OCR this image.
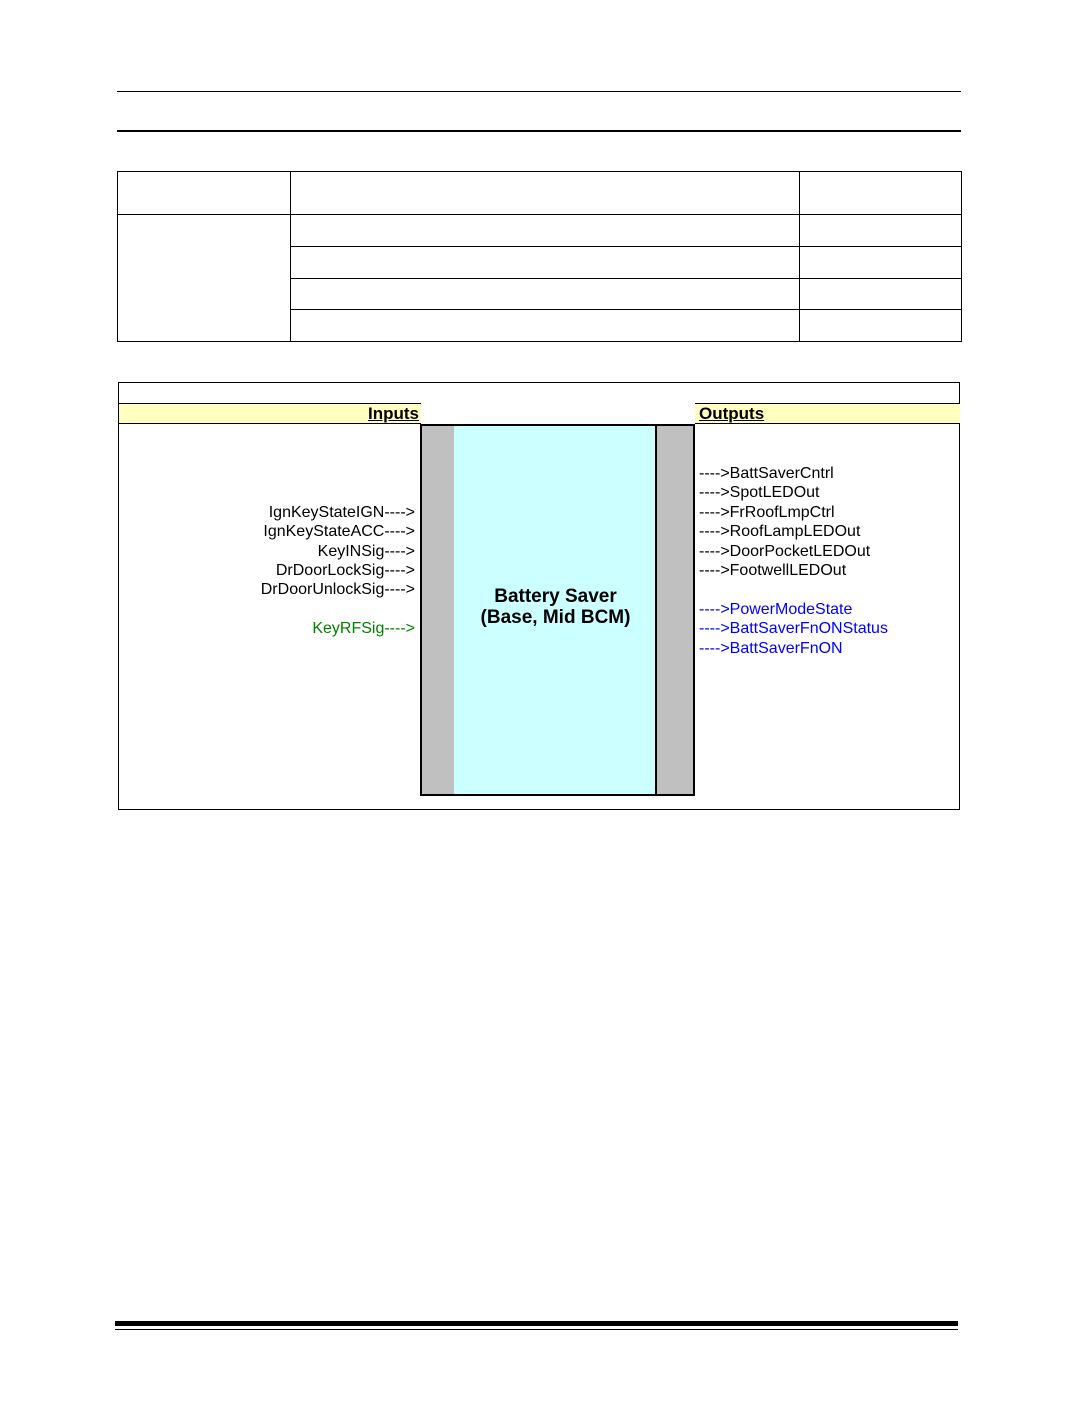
Inputs	Outputs
Battery Saver
(Base, Mid BCM)
IgnKeyStateIGN---->
IgnKeyStateACC---->
KeyINSig---->
DrDoorLockSig---->
DrDoorUnlockSig---->
KeyRFSig---->
---->BattSaverCntrl
---->SpotLEDOut
---->FrRoofLmpCtrl
---->RoofLampLEDOut
---->DoorPocketLEDOut
---->FootwellLEDOut
---->PowerModeState
---->BattSaverFnONStatus
---->BattSaverFnON
